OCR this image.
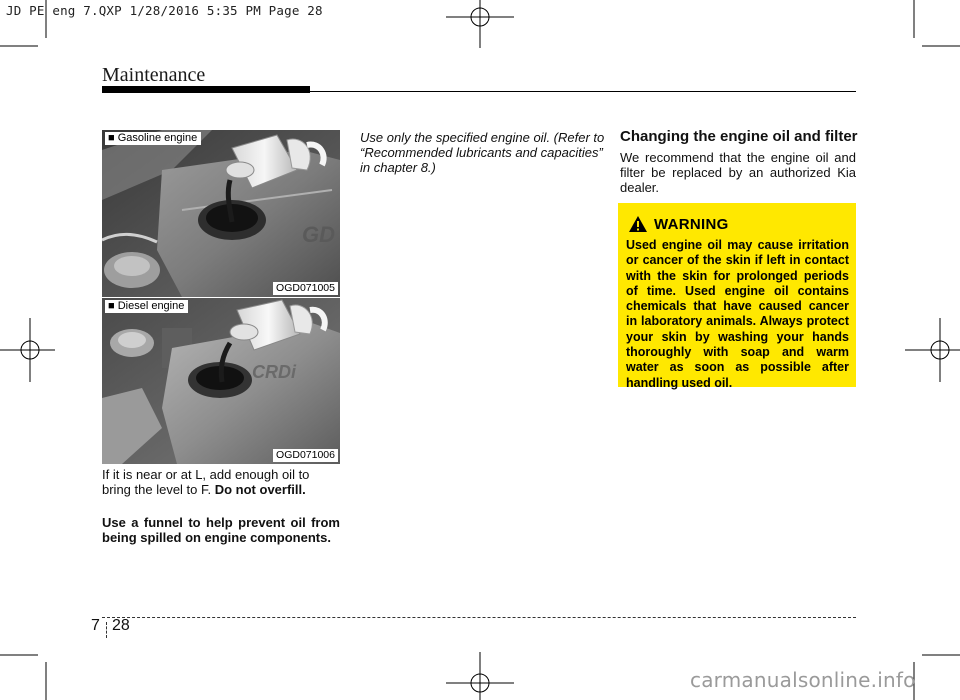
JD PE eng 7.QXP 1/28/2016 5:35 PM Page 28
Maintenance
GD
■ Gasoline engine
OGD071005
CRDi
■ Diesel engine
OGD071006
If it is near or at L, add enough oil to bring the level to F. Do not overfill.
Use a funnel to help prevent oil from being spilled on engine components.
Use only the specified engine oil. (Refer to “Recommended lubricants and capacities” in chapter 8.)
Changing the engine oil and filter
We recommend that the engine oil and filter be replaced by an authorized Kia dealer.
WARNING
Used engine oil may cause irritation or cancer of the skin if left in contact with the skin for prolonged periods of time. Used engine oil contains chemicals that have caused cancer in laboratory animals. Always protect your skin by washing your hands thoroughly with soap and warm water as soon as possible after handling used oil.
7 28
carmanualsonline.info
